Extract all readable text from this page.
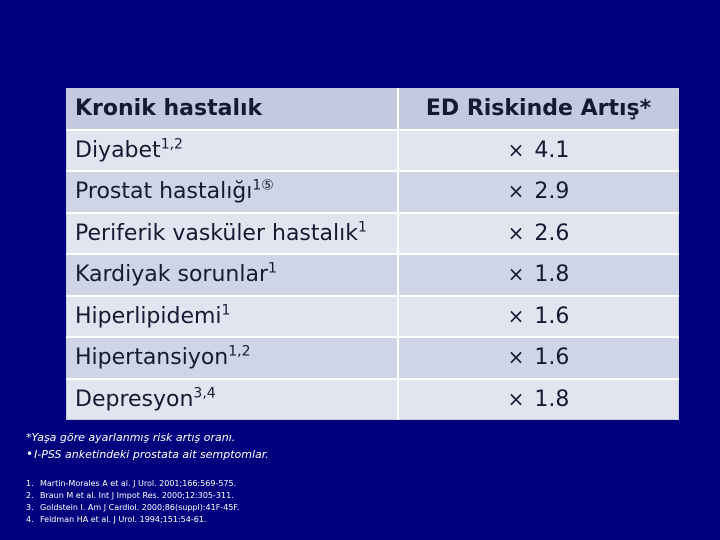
Kronik hastalık	ED Riskinde Artış*
Diyabet$^{1,2}$	× 4.1
Prostat hastalığı$^{1⑤}$	× 2.9
Periferik vasküler hastalık$^1$	× 2.6
Kardiyak sorunlar$^1$	× 1.8
Hiperlipidemi$^1$	× 1.6
Hipertansiyon$^{1,2}$	× 1.6
Depresyon$^{3,4}$	× 1.8
*Yaşa göre ayarlanmış risk artış oranı.
•I-PSS anketindeki prostata ait semptomlar.
1. Martin-Morales A et al. J Urol. 2001;166:569-575.
2. Braun M et al. Int J Impot Res. 2000;12:305-311.
3. Goldstein I. Am J Cardiol. 2000;86(suppl):41F-45F.
4. Feldman HA et al. J Urol. 1994;151:54-61.
